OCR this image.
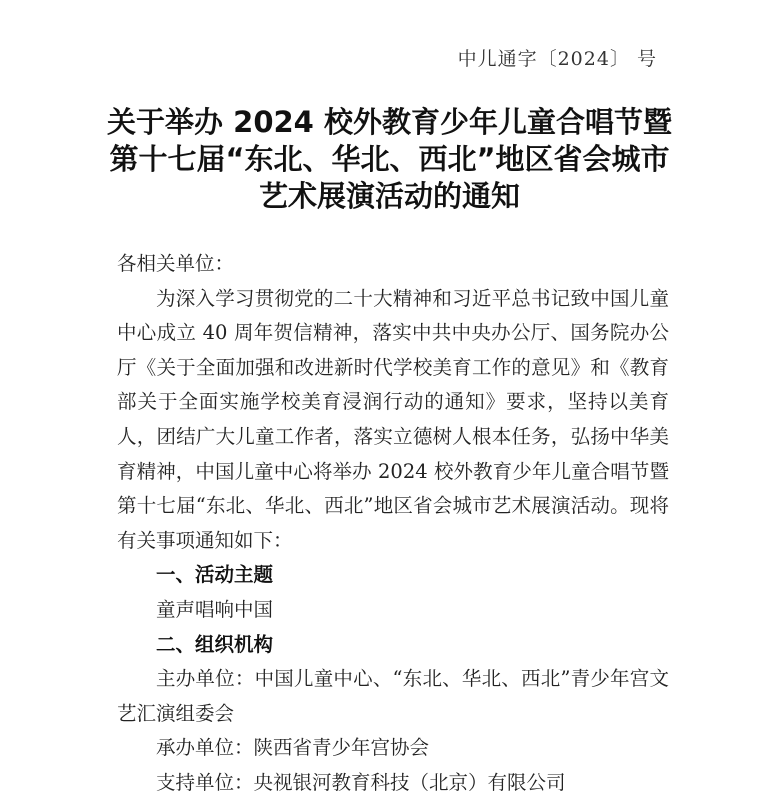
中儿通字〔2024〕 号
关于举办 2024 校外教育少年儿童合唱节暨
第十七届“东北、华北、西北”地区省会城市
艺术展演活动的通知

各相关单位：

为深入学习贯彻党的二十大精神和习近平总书记致中国儿童中心成立 40 周年贺信精神，落实中共中央办公厅、国务院办公厅《关于全面加强和改进新时代学校美育工作的意见》和《教育部关于全面实施学校美育浸润行动的通知》要求，坚持以美育人，团结广大儿童工作者，落实立德树人根本任务，弘扬中华美育精神，中国儿童中心将举办 2024 校外教育少年儿童合唱节暨第十七届“东北、华北、西北”地区省会城市艺术展演活动。现将有关事项通知如下：

一、活动主题

童声唱响中国

二、组织机构

主办单位：中国儿童中心、“东北、华北、西北”青少年宫文艺汇演组委会

承办单位：陕西省青少年宫协会

支持单位：央视银河教育科技（北京）有限公司
